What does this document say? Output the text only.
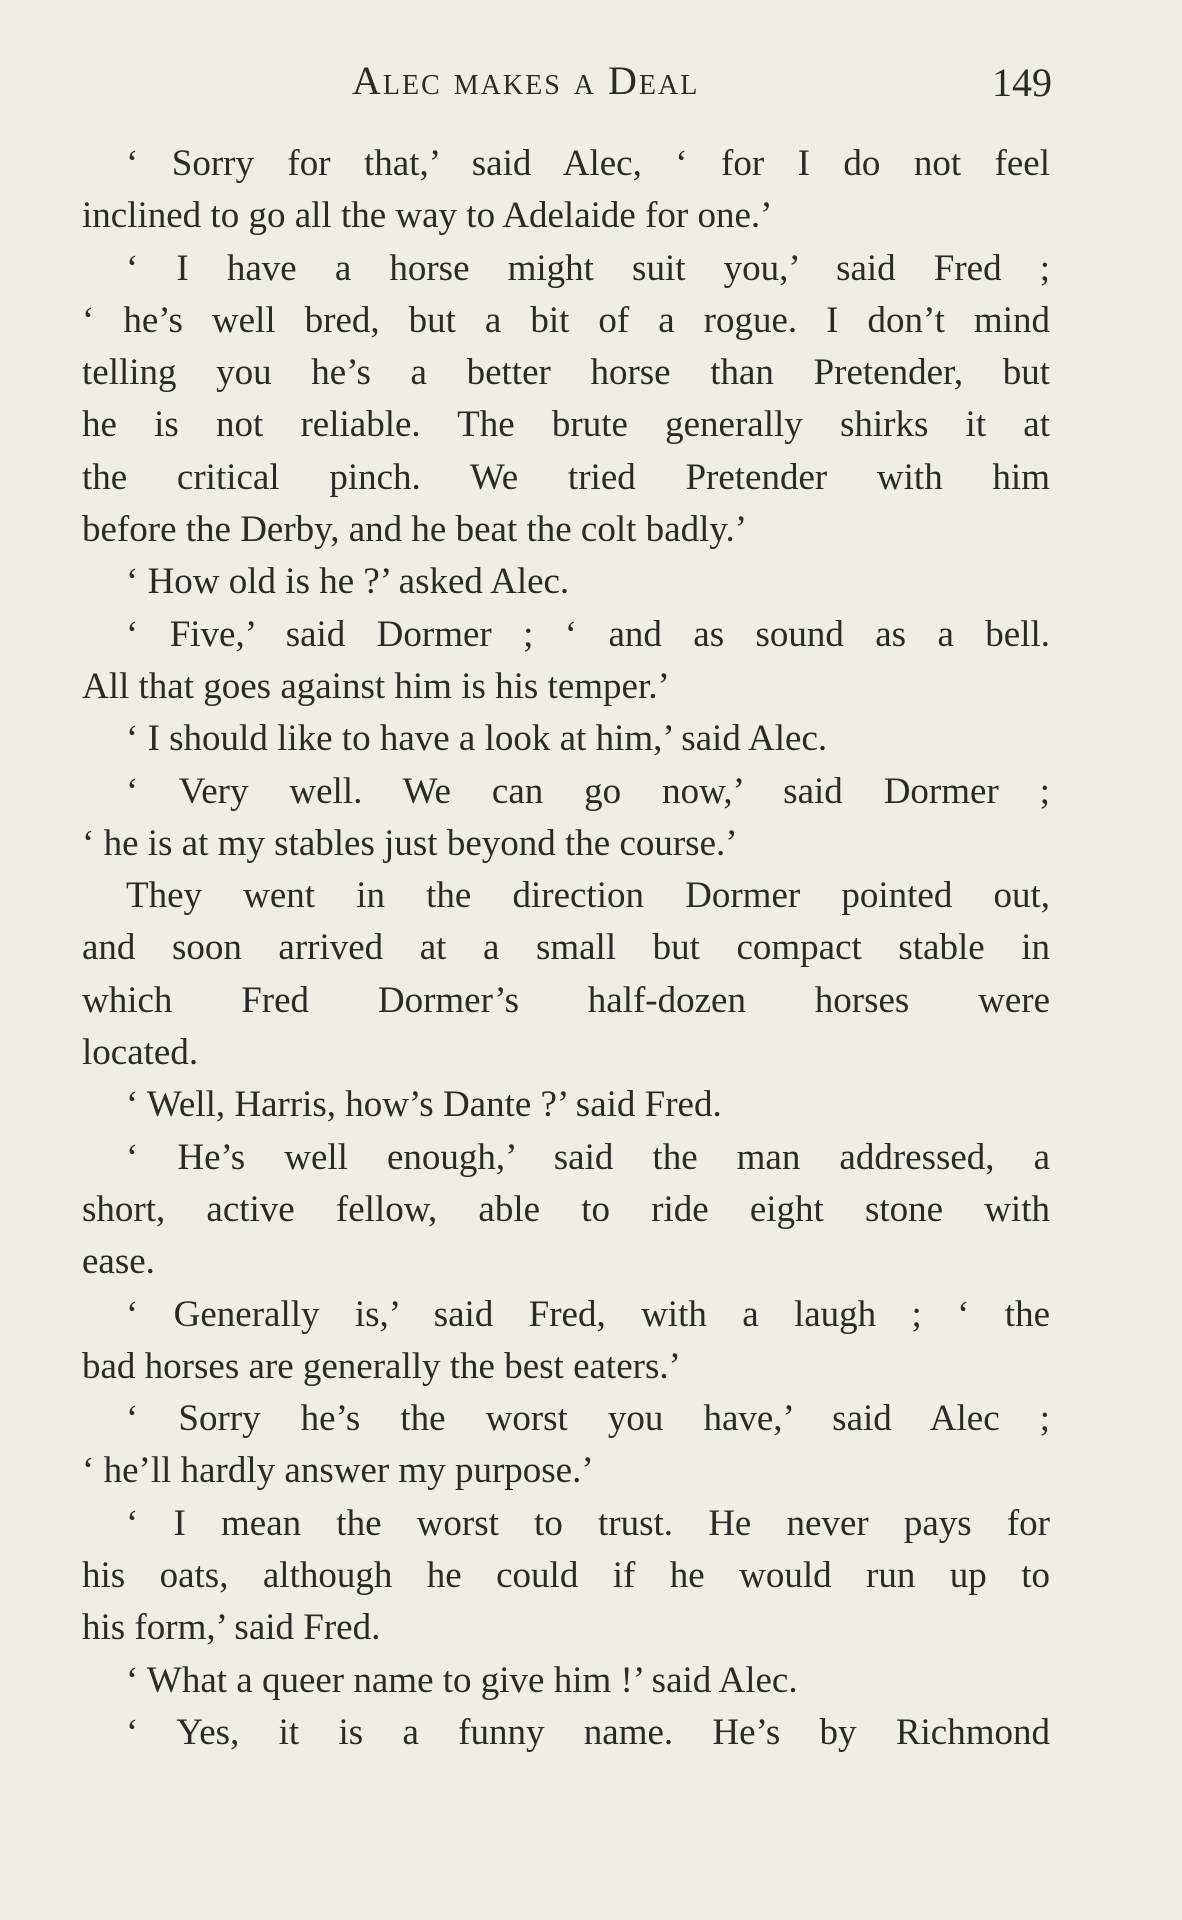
Alec makes a Deal	149
‘ Sorry for that,’ said Alec, ‘ for I do not feel
inclined to go all the way to Adelaide for one.’
‘ I have a horse might suit you,’ said Fred ;
‘ he’s well bred, but a bit of a rogue. I don’t mind
telling you he’s a better horse than Pretender, but
he is not reliable. The brute generally shirks it at
the critical pinch. We tried Pretender with him
before the Derby, and he beat the colt badly.’
‘ How old is he ?’ asked Alec.
‘ Five,’ said Dormer ; ‘ and as sound as a bell.
All that goes against him is his temper.’
‘ I should like to have a look at him,’ said Alec.
‘ Very well. We can go now,’ said Dormer ;
‘ he is at my stables just beyond the course.’
They went in the direction Dormer pointed out,
and soon arrived at a small but compact stable in
which Fred Dormer’s half-dozen horses were
located.
‘ Well, Harris, how’s Dante ?’ said Fred.
‘ He’s well enough,’ said the man addressed, a
short, active fellow, able to ride eight stone with
ease.
‘ Generally is,’ said Fred, with a laugh ; ‘ the
bad horses are generally the best eaters.’
‘ Sorry he’s the worst you have,’ said Alec ;
‘ he’ll hardly answer my purpose.’
‘ I mean the worst to trust. He never pays for
his oats, although he could if he would run up to
his form,’ said Fred.
‘ What a queer name to give him !’ said Alec.
‘ Yes, it is a funny name. He’s by Richmond
